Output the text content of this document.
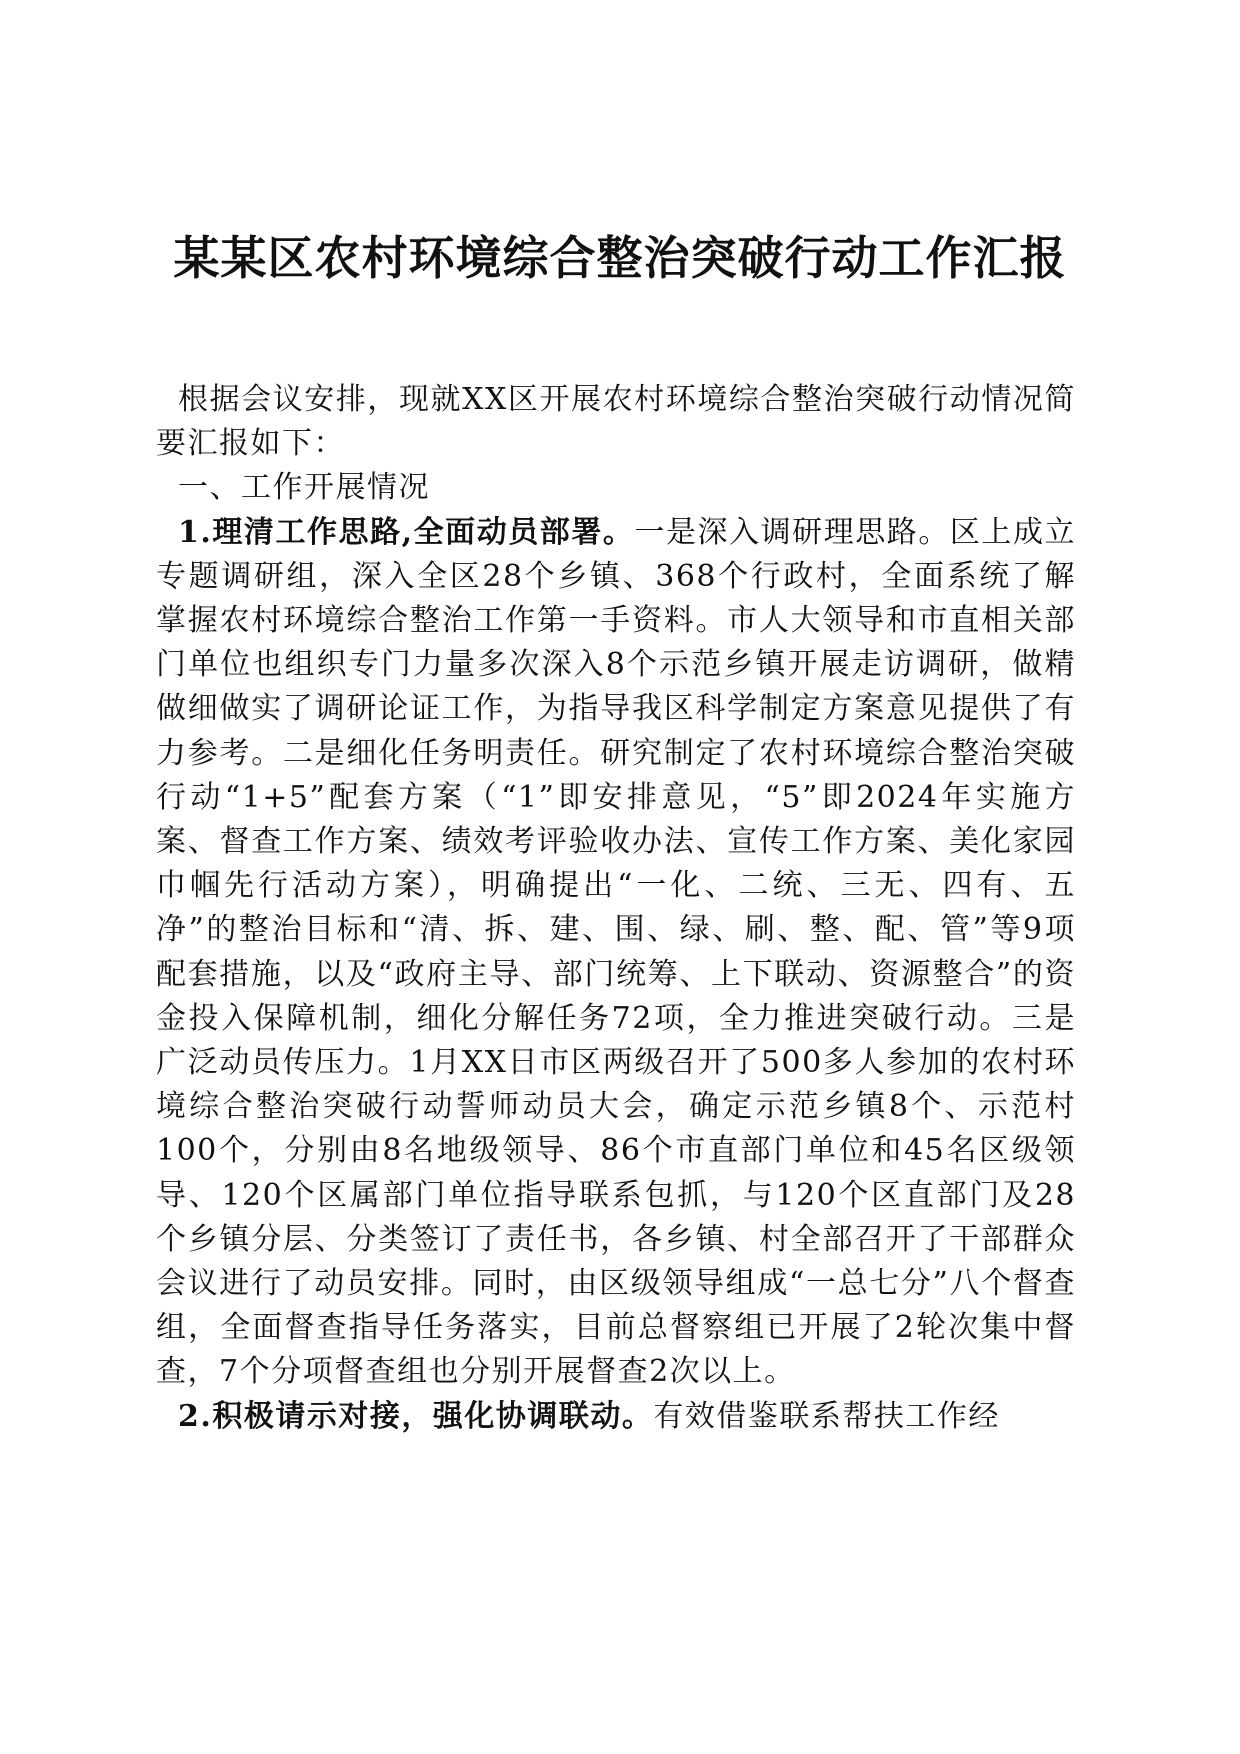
某某区农村环境综合整治突破行动工作汇报

根据会议安排，现就XX区开展农村环境综合整治突破行动情况简要汇报如下：

一、工作开展情况

1.理清工作思路,全面动员部署。一是深入调研理思路。区上成立专题调研组，深入全区28个乡镇、368个行政村，全面系统了解掌握农村环境综合整治工作第一手资料。市人大领导和市直相关部门单位也组织专门力量多次深入8个示范乡镇开展走访调研，做精做细做实了调研论证工作，为指导我区科学制定方案意见提供了有力参考。二是细化任务明责任。研究制定了农村环境综合整治突破行动“1+5”配套方案（“1”即安排意见，“5”即2024年实施方案、督查工作方案、绩效考评验收办法、宣传工作方案、美化家园巾帼先行活动方案），明确提出“一化、二统、三无、四有、五净”的整治目标和“清、拆、建、围、绿、刷、整、配、管”等9项配套措施，以及“政府主导、部门统筹、上下联动、资源整合”的资金投入保障机制，细化分解任务72项，全力推进突破行动。三是广泛动员传压力。1月XX日市区两级召开了500多人参加的农村环境综合整治突破行动誓师动员大会，确定示范乡镇8个、示范村100个，分别由8名地级领导、86个市直部门单位和45名区级领导、120个区属部门单位指导联系包抓，与120个区直部门及28个乡镇分层、分类签订了责任书，各乡镇、村全部召开了干部群众会议进行了动员安排。同时，由区级领导组成“一总七分”八个督查组，全面督查指导任务落实，目前总督察组已开展了2轮次集中督查，7个分项督查组也分别开展督查2次以上。

2.积极请示对接，强化协调联动。有效借鉴联系帮扶工作经
